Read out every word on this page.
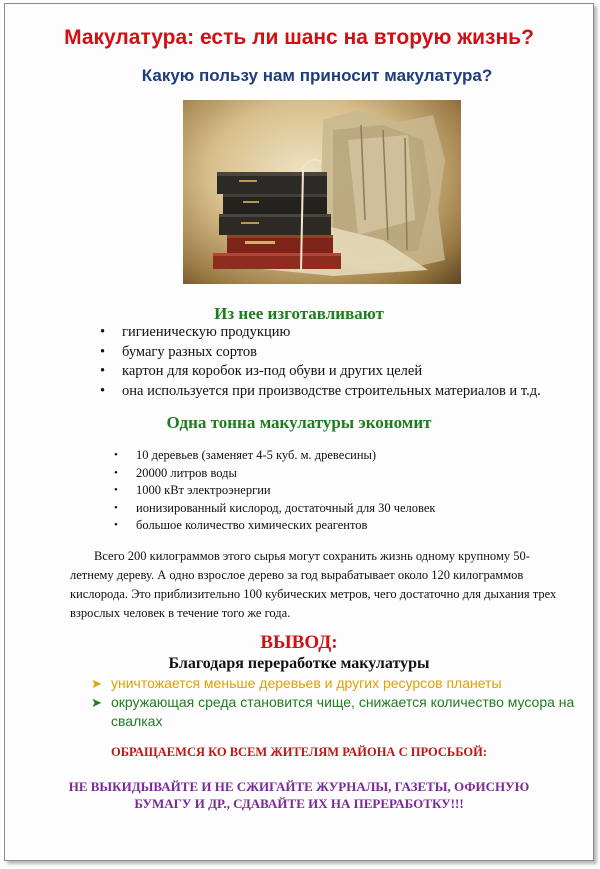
Макулатура: есть ли шанс на вторую жизнь?
Какую пользу нам приносит макулатура?
Из нее изготавливают
• гигиеническую продукцию
• бумагу разных сортов
• картон для коробок из-под обуви и других целей
• она используется при производстве строительных материалов и т.д.
Одна тонна макулатуры экономит
• 10 деревьев (заменяет 4-5 куб. м. древесины)
• 20000 литров воды
• 1000 кВт электроэнергии
• ионизированный кислород, достаточный для 30 человек
• большое количество химических реагентов
Всего 200 килограммов этого сырья могут сохранить жизнь одному крупному 50-летнему дереву. А одно взрослое дерево за год вырабатывает около 120 килограммов кислорода. Это приблизительно 100 кубических метров, чего достаточно для дыхания трех взрослых человек в течение того же года.
ВЫВОД:
Благодаря переработке макулатуры
➤ уничтожается меньше деревьев и других ресурсов планеты
➤ окружающая среда становится чище, снижается количество мусора на свалках
ОБРАЩАЕМСЯ КО ВСЕМ ЖИТЕЛЯМ РАЙОНА С ПРОСЬБОЙ:
НЕ ВЫКИДЫВАЙТЕ И НЕ СЖИГАЙТЕ ЖУРНАЛЫ, ГАЗЕТЫ, ОФИСНУЮ БУМАГУ И ДР., СДАВАЙТЕ ИХ НА ПЕРЕРАБОТКУ!!!
